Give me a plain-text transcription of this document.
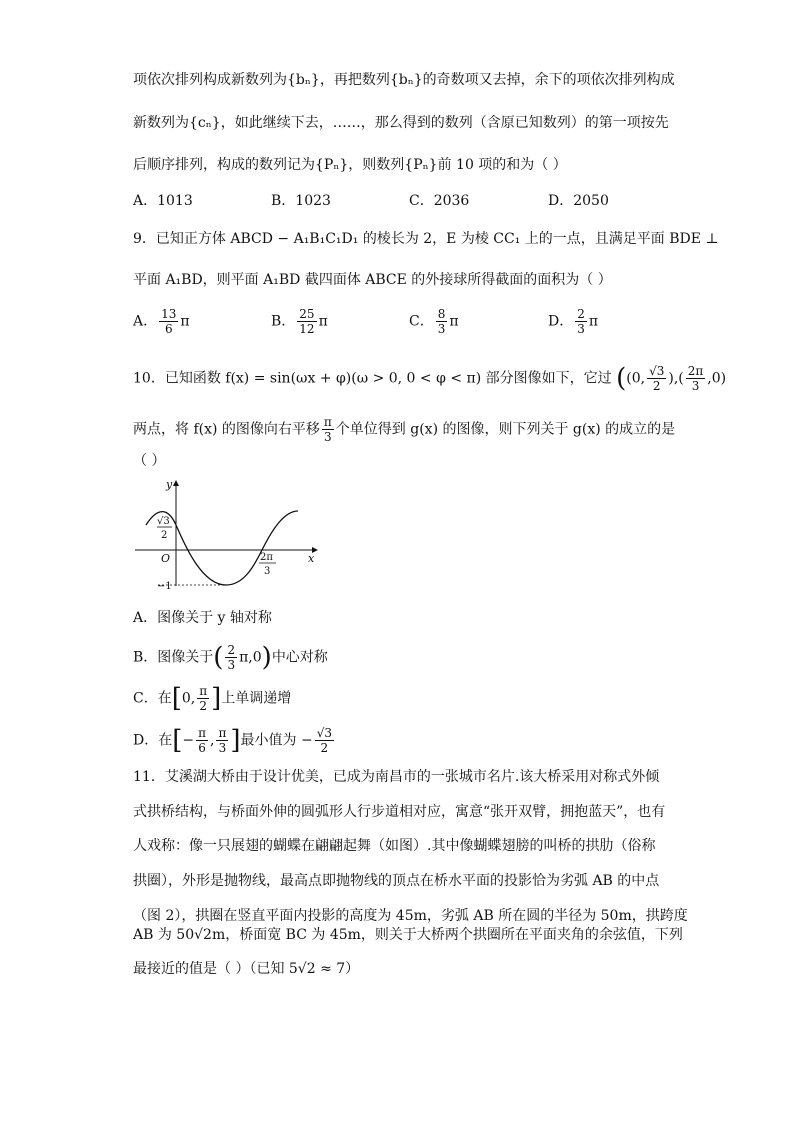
项依次排列构成新数列为{bₙ}，再把数列{bₙ}的奇数项又去掉，余下的项依次排列构成
新数列为{cₙ}，如此继续下去，……，那么得到的数列（含原已知数列）的第一项按先
后顺序排列，构成的数列记为{Pₙ}，则数列{Pₙ}前 10 项的和为（ ）
A．1013	B．1023	C．2036	D．2050
9．已知正方体 ABCD − A₁B₁C₁D₁ 的棱长为 2，E 为棱 CC₁ 上的一点，且满足平面 BDE ⊥
平面 A₁BD，则平面 A₁BD 截四面体 ABCE 的外接球所得截面的面积为（ ）
A． $\frac{13}{6}$ π	B． $\frac{25}{12}$ π	C． $\frac{8}{3}$ π	D． $\frac{2}{3}$ π
10．已知函数 f(x) = sin(ωx + φ)(ω > 0, 0 < φ < π) 部分图像如下，它过 ((0, $\frac{√3}{2}$ ),( $\frac{2\pi}{3} ,0$)
两点，将 f(x) 的图像向右平移 $\frac{\pi}{3}$ 个单位得到 g(x) 的图像，则下列关于 g(x) 的成立的是
（ ）
y
x
O
√3
2
−1
2π
3
A．图像关于 y 轴对称
B．图像关于( $\frac{2}{3} \pi,0$)中心对称
C．在[0, $\frac{\pi}{2}$ ]上单调递增
D．在[− $\frac{\pi}{6}$ , $\frac{\pi}{3}$ ]最小值为 − $\frac{√3}{2}$
11．艾溪湖大桥由于设计优美，已成为南昌市的一张城市名片.该大桥采用对称式外倾
式拱桥结构，与桥面外伸的圆弧形人行步道相对应，寓意“张开双臂，拥抱蓝天”，也有
人戏称：像一只展翅的蝴蝶在翩翩起舞（如图）.其中像蝴蝶翅膀的叫桥的拱肋（俗称
拱圈），外形是抛物线，最高点即抛物线的顶点在桥水平面的投影恰为劣弧 AB 的中点
（图 2），拱圈在竖直平面内投影的高度为 45m，劣弧 AB 所在圆的半径为 50m，拱跨度
AB 为 50√2m，桥面宽 BC 为 45m，则关于大桥两个拱圈所在平面夹角的余弦值，下列
最接近的值是（ ）（已知 5√2 ≈ 7）
